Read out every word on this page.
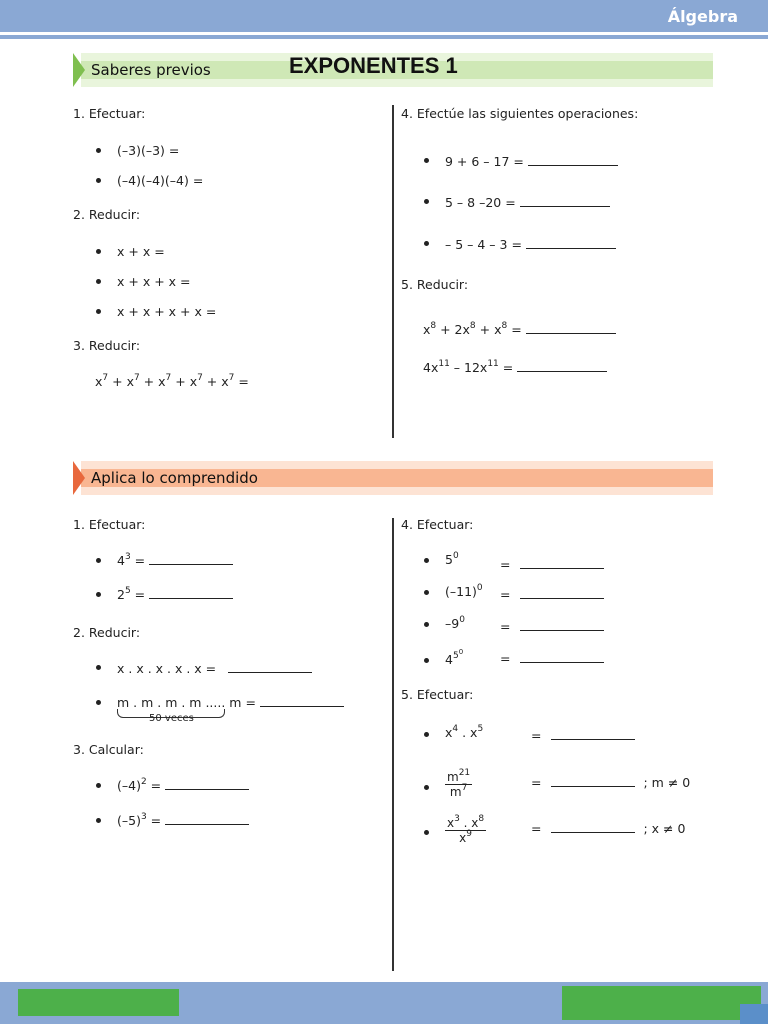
Álgebra
Saberes previos	EXPONENTES 1
1. Efectuar:
(–3)(–3) =
(–4)(–4)(–4) =
2. Reducir:
x + x =
x + x + x =
x + x + x + x =
3. Reducir:
$x^7 + x^7 + x^7 + x^7 + x^7$ =
4. Efectúe las siguientes operaciones:
9 + 6 – 17 =
5 – 8 –20 =
– 5 – 4 – 3 =
5. Reducir:
$x^8 + 2x^8 + x^8$ =
$4x^{11} - 12x^{11}$ =
Aplica lo comprendido
1. Efectuar:
$4^3$ =
$2^5$ =
2. Reducir:
x . x . x . x . x =
m . m . m . m ..... m =
50 veces
3. Calcular:
$(-4)^2$ =
$(-5)^3$ =
4. Efectuar:
$5^0$
=
$(-11)^0$ =
$-9^0$	=
$4^{50}$	=
5. Efectuar:
$x^4$ . $x^5$	=
$\frac{m^{21}}{m^7}$	=	; m ≠ 0
$\frac{x^3 . x^8}{x^9}$	=	; x ≠ 0
